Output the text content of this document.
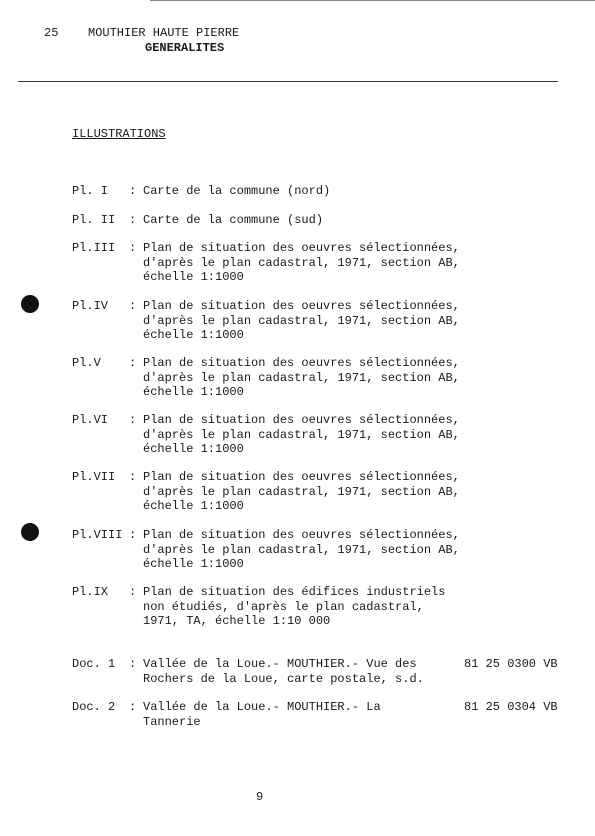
25 MOUTHIER HAUTE PIERRE
GENERALITES
ILLUSTRATIONS
Pl. I : Carte de la commune (nord)
Pl. II : Carte de la commune (sud)
Pl.III : Plan de situation des oeuvres sélectionnées,
d'après le plan cadastral, 1971, section AB,
échelle 1:1000
Pl.IV : Plan de situation des oeuvres sélectionnées,
d'après le plan cadastral, 1971, section AB,
échelle 1:1000
Pl.V : Plan de situation des oeuvres sélectionnées,
d'après le plan cadastral, 1971, section AB,
échelle 1:1000
Pl.VI : Plan de situation des oeuvres sélectionnées,
d'après le plan cadastral, 1971, section AB,
échelle 1:1000
Pl.VII : Plan de situation des oeuvres sélectionnées,
d'après le plan cadastral, 1971, section AB,
échelle 1:1000
Pl.VIII : Plan de situation des oeuvres sélectionnées,
d'après le plan cadastral, 1971, section AB,
échelle 1:1000
Pl.IX : Plan de situation des édifices industriels
non étudiés, d'après le plan cadastral,
1971, TA, échelle 1:10 000
Doc. 1 : Vallée de la Loue.- MOUTHIER.- Vue des
Rochers de la Loue, carte postale, s.d.
81 25 0300 VB
Doc. 2 : Vallée de la Loue.- MOUTHIER.- La
Tannerie
81 25 0304 VB
9
